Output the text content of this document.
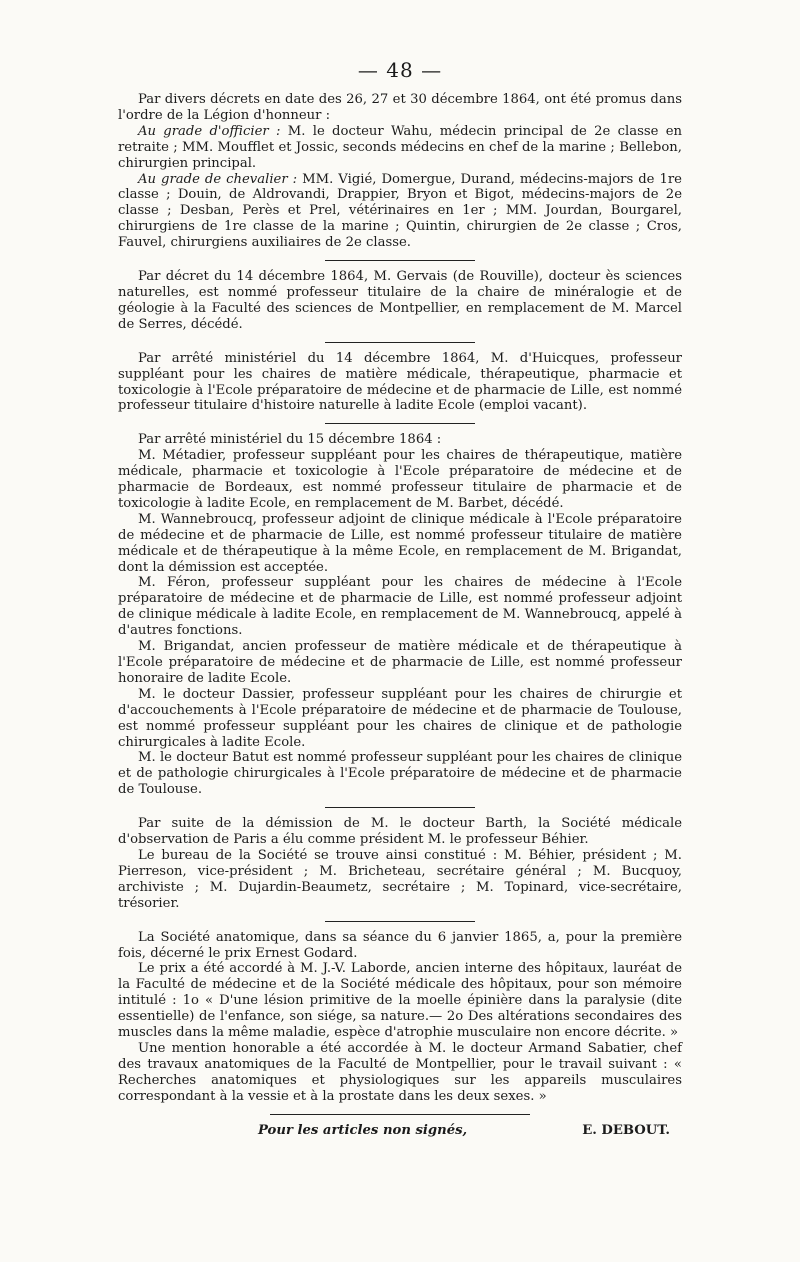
— 48 —

Par divers décrets en date des 26, 27 et 30 décembre 1864, ont été promus dans l'ordre de la Légion d'honneur :

Au grade d'officier : M. le docteur Wahu, médecin principal de 2e classe en retraite ; MM. Moufflet et Jossic, seconds médecins en chef de la marine ; Bellebon, chirurgien principal.

Au grade de chevalier : MM. Vigié, Domergue, Durand, médecins-majors de 1re classe ; Douin, de Aldrovandi, Drappier, Bryon et Bigot, médecins-majors de 2e classe ; Desban, Perès et Prel, vétérinaires en 1er ; MM. Jourdan, Bourgarel, chirurgiens de 1re classe de la marine ; Quintin, chirurgien de 2e classe ; Cros, Fauvel, chirurgiens auxiliaires de 2e classe.

Par décret du 14 décembre 1864, M. Gervais (de Rouville), docteur ès sciences naturelles, est nommé professeur titulaire de la chaire de minéralogie et de géologie à la Faculté des sciences de Montpellier, en remplacement de M. Marcel de Serres, décédé.

Par arrêté ministériel du 14 décembre 1864, M. d'Huicques, professeur suppléant pour les chaires de matière médicale, thérapeutique, pharmacie et toxicologie à l'Ecole préparatoire de médecine et de pharmacie de Lille, est nommé professeur titulaire d'histoire naturelle à ladite Ecole (emploi vacant).

Par arrêté ministériel du 15 décembre 1864 :

M. Métadier, professeur suppléant pour les chaires de thérapeutique, matière médicale, pharmacie et toxicologie à l'Ecole préparatoire de médecine et de pharmacie de Bordeaux, est nommé professeur titulaire de pharmacie et de toxicologie à ladite Ecole, en remplacement de M. Barbet, décédé.

M. Wannebroucq, professeur adjoint de clinique médicale à l'Ecole préparatoire de médecine et de pharmacie de Lille, est nommé professeur titulaire de matière médicale et de thérapeutique à la même Ecole, en remplacement de M. Brigandat, dont la démission est acceptée.

M. Féron, professeur suppléant pour les chaires de médecine à l'Ecole préparatoire de médecine et de pharmacie de Lille, est nommé professeur adjoint de clinique médicale à ladite Ecole, en remplacement de M. Wannebroucq, appelé à d'autres fonctions.

M. Brigandat, ancien professeur de matière médicale et de thérapeutique à l'Ecole préparatoire de médecine et de pharmacie de Lille, est nommé professeur honoraire de ladite Ecole.

M. le docteur Dassier, professeur suppléant pour les chaires de chirurgie et d'accouchements à l'Ecole préparatoire de médecine et de pharmacie de Toulouse, est nommé professeur suppléant pour les chaires de clinique et de pathologie chirurgicales à ladite Ecole.

M. le docteur Batut est nommé professeur suppléant pour les chaires de clinique et de pathologie chirurgicales à l'Ecole préparatoire de médecine et de pharmacie de Toulouse.

Par suite de la démission de M. le docteur Barth, la Société médicale d'observation de Paris a élu comme président M. le professeur Béhier.

Le bureau de la Société se trouve ainsi constitué : M. Béhier, président ; M. Pierreson, vice-président ; M. Bricheteau, secrétaire général ; M. Bucquoy, archiviste ; M. Dujardin-Beaumetz, secrétaire ; M. Topinard, vice-secrétaire, trésorier.

La Société anatomique, dans sa séance du 6 janvier 1865, a, pour la première fois, décerné le prix Ernest Godard.

Le prix a été accordé à M. J.-V. Laborde, ancien interne des hôpitaux, lauréat de la Faculté de médecine et de la Société médicale des hôpitaux, pour son mémoire intitulé : 1o « D'une lésion primitive de la moelle épinière dans la paralysie (dite essentielle) de l'enfance, son siége, sa nature.— 2o Des altérations secondaires des muscles dans la même maladie, espèce d'atrophie musculaire non encore décrite. »

Une mention honorable a été accordée à M. le docteur Armand Sabatier, chef des travaux anatomiques de la Faculté de Montpellier, pour le travail suivant : « Recherches anatomiques et physiologiques sur les appareils musculaires correspondant à la vessie et à la prostate dans les deux sexes. »

Pour les articles non signés,	E. DEBOUT.
